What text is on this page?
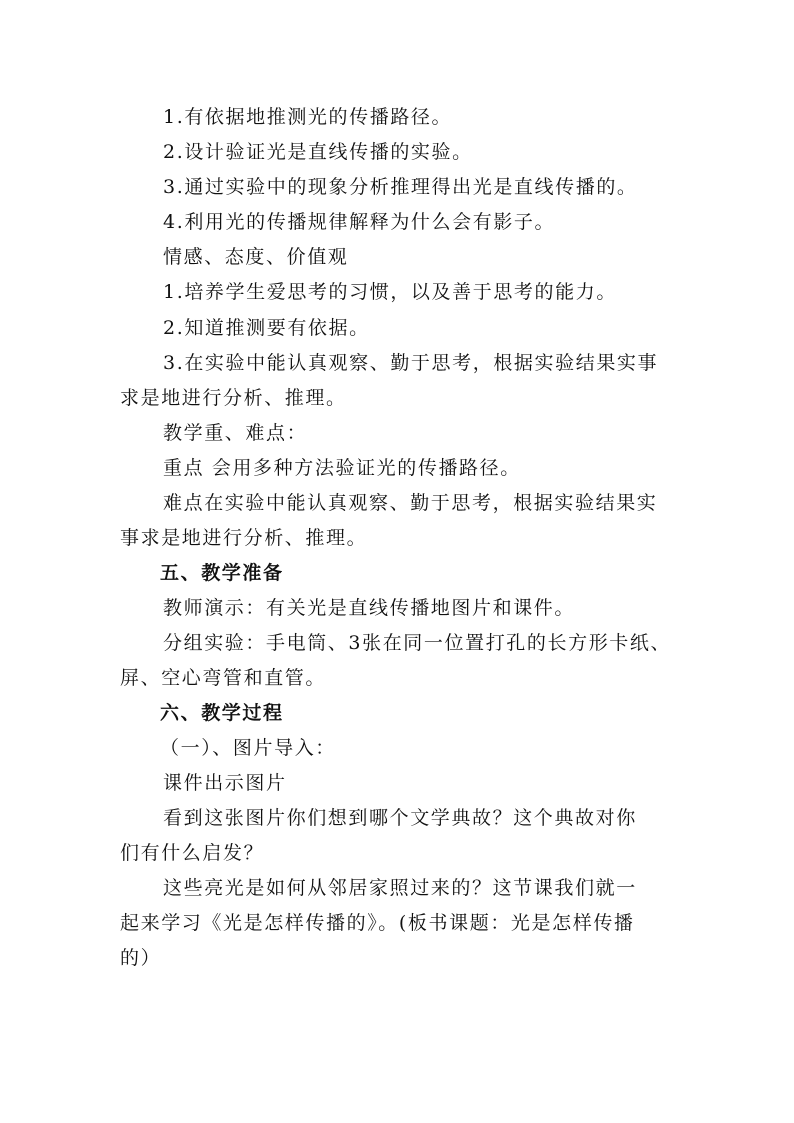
1.有依据地推测光的传播路径。
2.设计验证光是直线传播的实验。
3.通过实验中的现象分析推理得出光是直线传播的。
4.利用光的传播规律解释为什么会有影子。
情感、态度、价值观
1.培养学生爱思考的习惯，以及善于思考的能力。
2.知道推测要有依据。
3.在实验中能认真观察、勤于思考，根据实验结果实事
求是地进行分析、推理。
教学重、难点：
重点 会用多种方法验证光的传播路径。
难点在实验中能认真观察、勤于思考，根据实验结果实
事求是地进行分析、推理。
五、教学准备
教师演示：有关光是直线传播地图片和课件。
分组实验：手电筒、3张在同一位置打孔的长方形卡纸、
屏、空心弯管和直管。
六、教学过程
（一）、图片导入：
课件出示图片
看到这张图片你们想到哪个文学典故？这个典故对你
们有什么启发？
这些亮光是如何从邻居家照过来的？这节课我们就一
起来学习《光是怎样传播的》。(板书课题：光是怎样传播
的）
